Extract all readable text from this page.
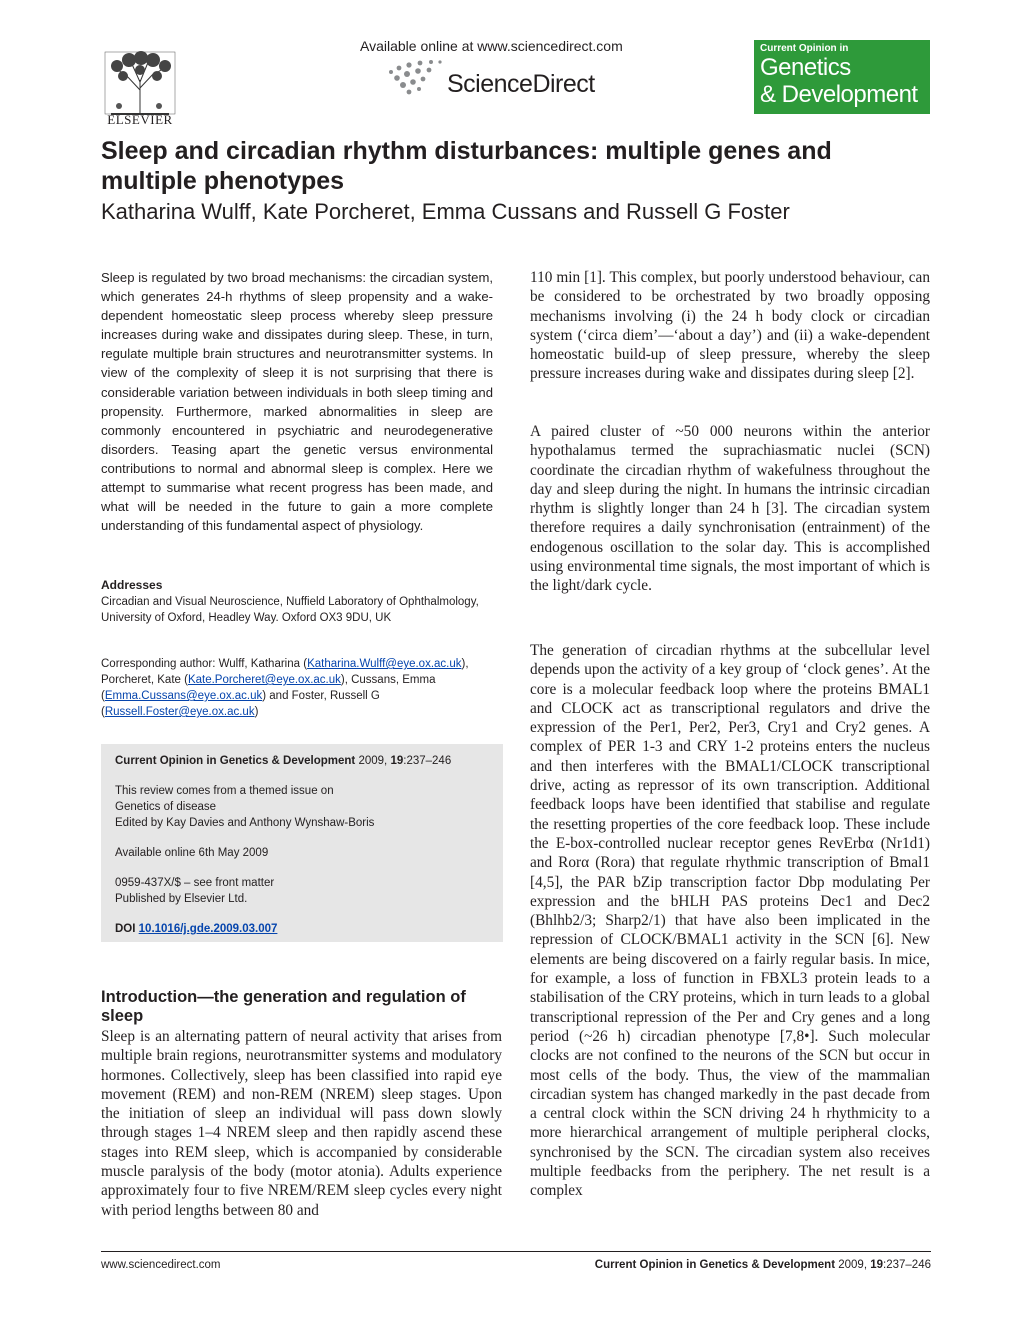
ELSEVIER
Available online at www.sciencedirect.com
ScienceDirect
Current Opinion in
Genetics
& Development
Sleep and circadian rhythm disturbances: multiple genes and multiple phenotypes
Katharina Wulff, Kate Porcheret, Emma Cussans and Russell G Foster
Sleep is regulated by two broad mechanisms: the circadian system, which generates 24-h rhythms of sleep propensity and a wake-dependent homeostatic sleep process whereby sleep pressure increases during wake and dissipates during sleep. These, in turn, regulate multiple brain structures and neurotransmitter systems. In view of the complexity of sleep it is not surprising that there is considerable variation between individuals in both sleep timing and propensity. Furthermore, marked abnormalities in sleep are commonly encountered in psychiatric and neurodegenerative disorders. Teasing apart the genetic versus environmental contributions to normal and abnormal sleep is complex. Here we attempt to summarise what recent progress has been made, and what will be needed in the future to gain a more complete understanding of this fundamental aspect of physiology.
Addresses
Circadian and Visual Neuroscience, Nuffield Laboratory of Ophthalmology, University of Oxford, Headley Way. Oxford OX3 9DU, UK
Corresponding author: Wulff, Katharina (Katharina.Wulff@eye.ox.ac.uk), Porcheret, Kate (Kate.Porcheret@eye.ox.ac.uk), Cussans, Emma (Emma.Cussans@eye.ox.ac.uk) and Foster, Russell G (Russell.Foster@eye.ox.ac.uk)
Current Opinion in Genetics & Development 2009, 19:237–246
This review comes from a themed issue on
Genetics of disease
Edited by Kay Davies and Anthony Wynshaw-Boris
Available online 6th May 2009
0959-437X/$ – see front matter
Published by Elsevier Ltd.
DOI 10.1016/j.gde.2009.03.007
Introduction—the generation and regulation of sleep
Sleep is an alternating pattern of neural activity that arises from multiple brain regions, neurotransmitter systems and modulatory hormones. Collectively, sleep has been classified into rapid eye movement (REM) and non-REM (NREM) sleep stages. Upon the initiation of sleep an individual will pass down slowly through stages 1–4 NREM sleep and then rapidly ascend these stages into REM sleep, which is accompanied by considerable muscle paralysis of the body (motor atonia). Adults experience approximately four to five NREM/REM sleep cycles every night with period lengths between 80 and
110 min [1]. This complex, but poorly understood behaviour, can be considered to be orchestrated by two broadly opposing mechanisms involving (i) the 24 h body clock or circadian system (‘circa diem’—‘about a day’) and (ii) a wake-dependent homeostatic build-up of sleep pressure, whereby the sleep pressure increases during wake and dissipates during sleep [2].
A paired cluster of ~50 000 neurons within the anterior hypothalamus termed the suprachiasmatic nuclei (SCN) coordinate the circadian rhythm of wakefulness throughout the day and sleep during the night. In humans the intrinsic circadian rhythm is slightly longer than 24 h [3]. The circadian system therefore requires a daily synchronisation (entrainment) of the endogenous oscillation to the solar day. This is accomplished using environmental time signals, the most important of which is the light/dark cycle.
The generation of circadian rhythms at the subcellular level depends upon the activity of a key group of ‘clock genes’. At the core is a molecular feedback loop where the proteins BMAL1 and CLOCK act as transcriptional regulators and drive the expression of the Per1, Per2, Per3, Cry1 and Cry2 genes. A complex of PER 1-3 and CRY 1-2 proteins enters the nucleus and then interferes with the BMAL1/CLOCK transcriptional drive, acting as repressor of its own transcription. Additional feedback loops have been identified that stabilise and regulate the resetting properties of the core feedback loop. These include the E-box-controlled nuclear receptor genes RevErbα (Nr1d1) and Rorα (Rora) that regulate rhythmic transcription of Bmal1 [4,5], the PAR bZip transcription factor Dbp modulating Per expression and the bHLH PAS proteins Dec1 and Dec2 (Bhlhb2/3; Sharp2/1) that have also been implicated in the repression of CLOCK/BMAL1 activity in the SCN [6]. New elements are being discovered on a fairly regular basis. In mice, for example, a loss of function in FBXL3 protein leads to a stabilisation of the CRY proteins, which in turn leads to a global transcriptional repression of the Per and Cry genes and a long period (~26 h) circadian phenotype [7,8•]. Such molecular clocks are not confined to the neurons of the SCN but occur in most cells of the body. Thus, the view of the mammalian circadian system has changed markedly in the past decade from a central clock within the SCN driving 24 h rhythmicity to a more hierarchical arrangement of multiple peripheral clocks, synchronised by the SCN. The circadian system also receives multiple feedbacks from the periphery. The net result is a complex
www.sciencedirect.com	Current Opinion in Genetics & Development 2009, 19:237–246
